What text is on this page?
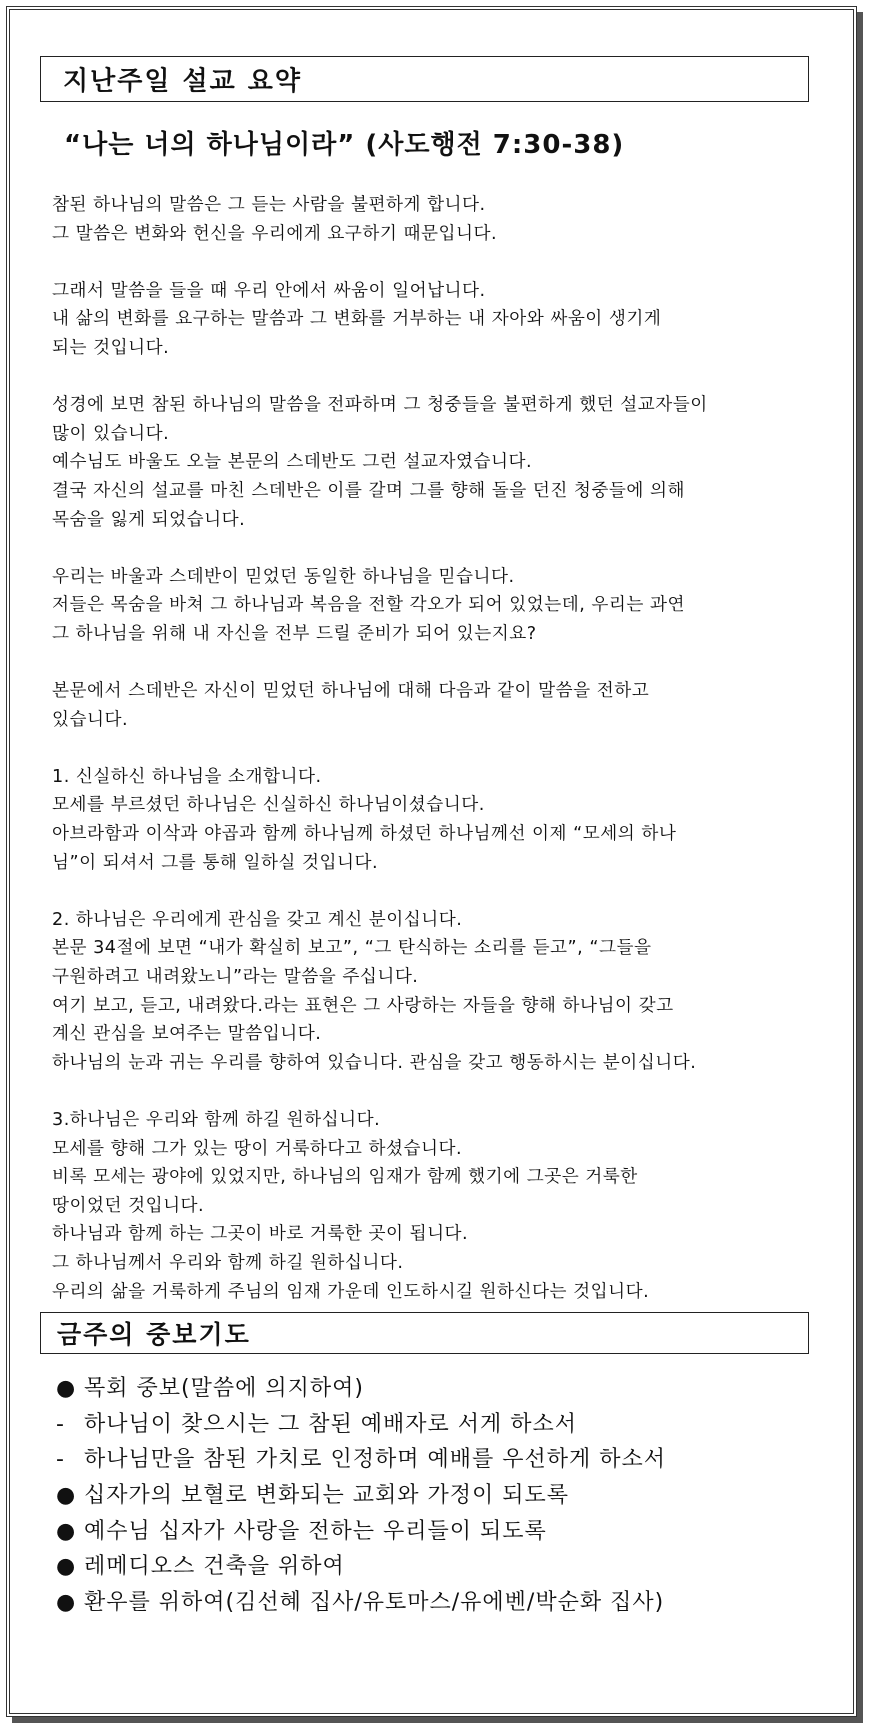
지난주일 설교 요약
“나는 너의 하나님이라” (사도행전 7:30-38)
참된 하나님의 말씀은 그 듣는 사람을 불편하게 합니다.
그 말씀은 변화와 헌신을 우리에게 요구하기 때문입니다.
그래서 말씀을 들을 때 우리 안에서 싸움이 일어납니다.
내 삶의 변화를 요구하는 말씀과 그 변화를 거부하는 내 자아와 싸움이 생기게
되는 것입니다.
성경에 보면 참된 하나님의 말씀을 전파하며 그 청중들을 불편하게 했던 설교자들이
많이 있습니다.
예수님도 바울도 오늘 본문의 스데반도 그런 설교자였습니다.
결국 자신의 설교를 마친 스데반은 이를 갈며 그를 향해 돌을 던진 청중들에 의해
목숨을 잃게 되었습니다.
우리는 바울과 스데반이 믿었던 동일한 하나님을 믿습니다.
저들은 목숨을 바쳐 그 하나님과 복음을 전할 각오가 되어 있었는데, 우리는 과연
그 하나님을 위해 내 자신을 전부 드릴 준비가 되어 있는지요?
본문에서 스데반은 자신이 믿었던 하나님에 대해 다음과 같이 말씀을 전하고
있습니다.
1. 신실하신 하나님을 소개합니다.
모세를 부르셨던 하나님은 신실하신 하나님이셨습니다.
아브라함과 이삭과 야곱과 함께 하나님께 하셨던 하나님께선 이제 “모세의 하나
님”이 되셔서 그를 통해 일하실 것입니다.
2. 하나님은 우리에게 관심을 갖고 계신 분이십니다.
본문 34절에 보면 “내가 확실히 보고”, “그 탄식하는 소리를 듣고”, “그들을
구원하려고 내려왔노니”라는 말씀을 주십니다.
여기 보고, 듣고, 내려왔다.라는 표현은 그 사랑하는 자들을 향해 하나님이 갖고
계신 관심을 보여주는 말씀입니다.
하나님의 눈과 귀는 우리를 향하여 있습니다. 관심을 갖고 행동하시는 분이십니다.
3.하나님은 우리와 함께 하길 원하십니다.
모세를 향해 그가 있는 땅이 거룩하다고 하셨습니다.
비록 모세는 광야에 있었지만, 하나님의 임재가 함께 했기에 그곳은 거룩한
땅이었던 것입니다.
하나님과 함께 하는 그곳이 바로 거룩한 곳이 됩니다.
그 하나님께서 우리와 함께 하길 원하십니다.
우리의 삶을 거룩하게 주님의 임재 가운데 인도하시길 원하신다는 것입니다.
금주의 중보기도
● 목회 중보(말씀에 의지하여)
- 하나님이 찾으시는 그 참된 예배자로 서게 하소서
- 하나님만을 참된 가치로 인정하며 예배를 우선하게 하소서
● 십자가의 보혈로 변화되는 교회와 가정이 되도록
● 예수님 십자가 사랑을 전하는 우리들이 되도록
● 레메디오스 건축을 위하여
● 환우를 위하여(김선혜 집사/유토마스/유에벤/박순화 집사)
